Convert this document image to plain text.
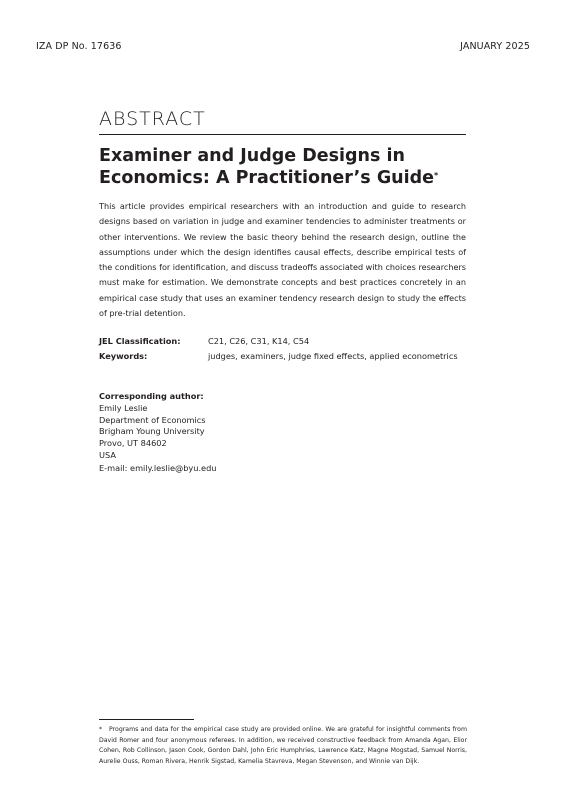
IZA DP No. 17636	JANUARY 2025
ABSTRACT
Examiner and Judge Designs in Economics: A Practitioner’s Guide*
This article provides empirical researchers with an introduction and guide to research designs based on variation in judge and examiner tendencies to administer treatments or other interventions. We review the basic theory behind the research design, outline the assumptions under which the design identifies causal effects, describe empirical tests of the conditions for identification, and discuss tradeoffs associated with choices researchers must make for estimation. We demonstrate concepts and best practices concretely in an empirical case study that uses an examiner tendency research design to study the effects of pre-trial detention.
JEL Classification:	C21, C26, C31, K14, C54
Keywords:	judges, examiners, judge fixed effects, applied econometrics
Corresponding author:
Emily Leslie
Department of Economics
Brigham Young University
Provo, UT 84602
USA
E-mail: emily.leslie@byu.edu
* Programs and data for the empirical case study are provided online. We are grateful for insightful comments from David Romer and four anonymous referees. In addition, we received constructive feedback from Amanda Agan, Elior Cohen, Rob Collinson, Jason Cook, Gordon Dahl, John Eric Humphries, Lawrence Katz, Magne Mogstad, Samuel Norris, Aurelie Ouss, Roman Rivera, Henrik Sigstad, Kamelia Stavreva, Megan Stevenson, and Winnie van Dijk.
